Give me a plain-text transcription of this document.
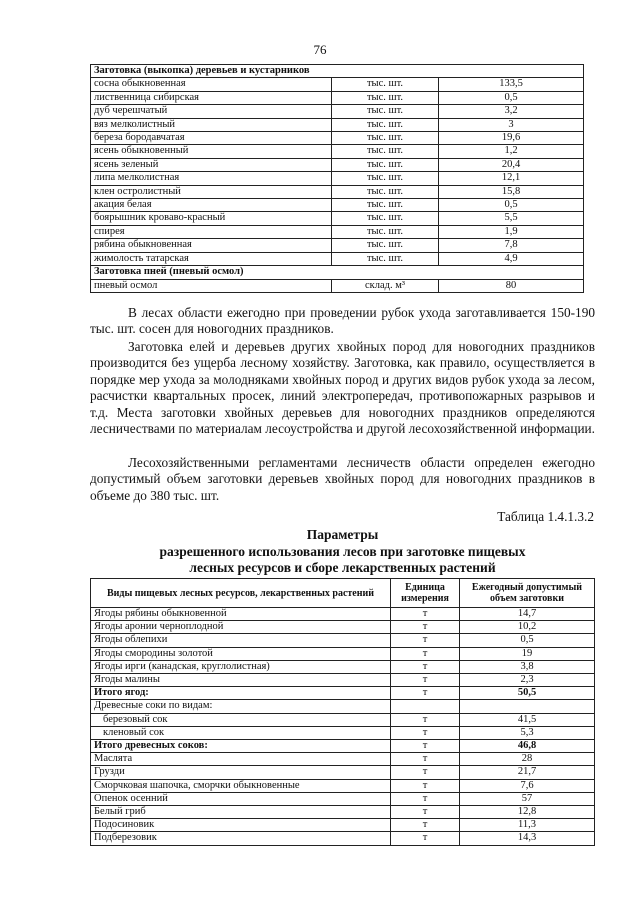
76
Заготовка (выкопка) деревьев и кустарников		
сосна обыкновенная	тыс. шт.	133,5
лиственница сибирская	тыс. шт.	0,5
дуб черешчатый	тыс. шт.	3,2
вяз мелколистный	тыс. шт.	3
береза бородавчатая	тыс. шт.	19,6
ясень обыкновенный	тыс. шт.	1,2
ясень зеленый	тыс. шт.	20,4
липа мелколистная	тыс. шт.	12,1
клен остролистный	тыс. шт.	15,8
акация белая	тыс. шт.	0,5
боярышник кроваво-красный	тыс. шт.	5,5
спирея	тыс. шт.	1,9
рябина обыкновенная	тыс. шт.	7,8
жимолость татарская	тыс. шт.	4,9
Заготовка пней (пневый осмол)		
пневый осмол	склад. м³	80

В лесах области ежегодно при проведении рубок ухода заготавливается 150-190 тыс. шт. сосен для новогодних праздников.

Заготовка елей и деревьев других хвойных пород для новогодних праздников производится без ущерба лесному хозяйству. Заготовка, как правило, осуществляется в порядке мер ухода за молодняками хвойных пород и других видов рубок ухода за лесом, расчистки квартальных просек, линий электропередач, противопожарных разрывов и т.д. Места заготовки хвойных деревьев для новогодних праздников определяются лесничествами по материалам лесоустройства и другой лесохозяйственной информации.

Лесохозяйственными регламентами лесничеств области определен ежегодно допустимый объем заготовки деревьев хвойных пород для новогодних праздников в объеме до 380 тыс. шт.

Таблица 1.4.1.3.2
Параметры
разрешенного использования лесов при заготовке пищевых
лесных ресурсов и сборе лекарственных растений
Виды пищевых лесных ресурсов, лекарственных растений	Единица измерения	Ежегодный допустимый объем заготовки
Ягоды рябины обыкновенной	т	14,7
Ягоды аронии черноплодной	т	10,2
Ягоды облепихи	т	0,5
Ягоды смородины золотой	т	19
Ягоды ирги (канадская, круглолистная)	т	3,8
Ягоды малины	т	2,3
Итого ягод:	т	50,5
Древесные соки по видам:		
березовый сок	т	41,5
кленовый сок	т	5,3
Итого древесных соков:	т	46,8
Маслята	т	28
Грузди	т	21,7
Сморчковая шапочка, сморчки обыкновенные	т	7,6
Опенок осенний	т	57
Белый гриб	т	12,8
Подосиновик	т	11,3
Подберезовик	т	14,3
